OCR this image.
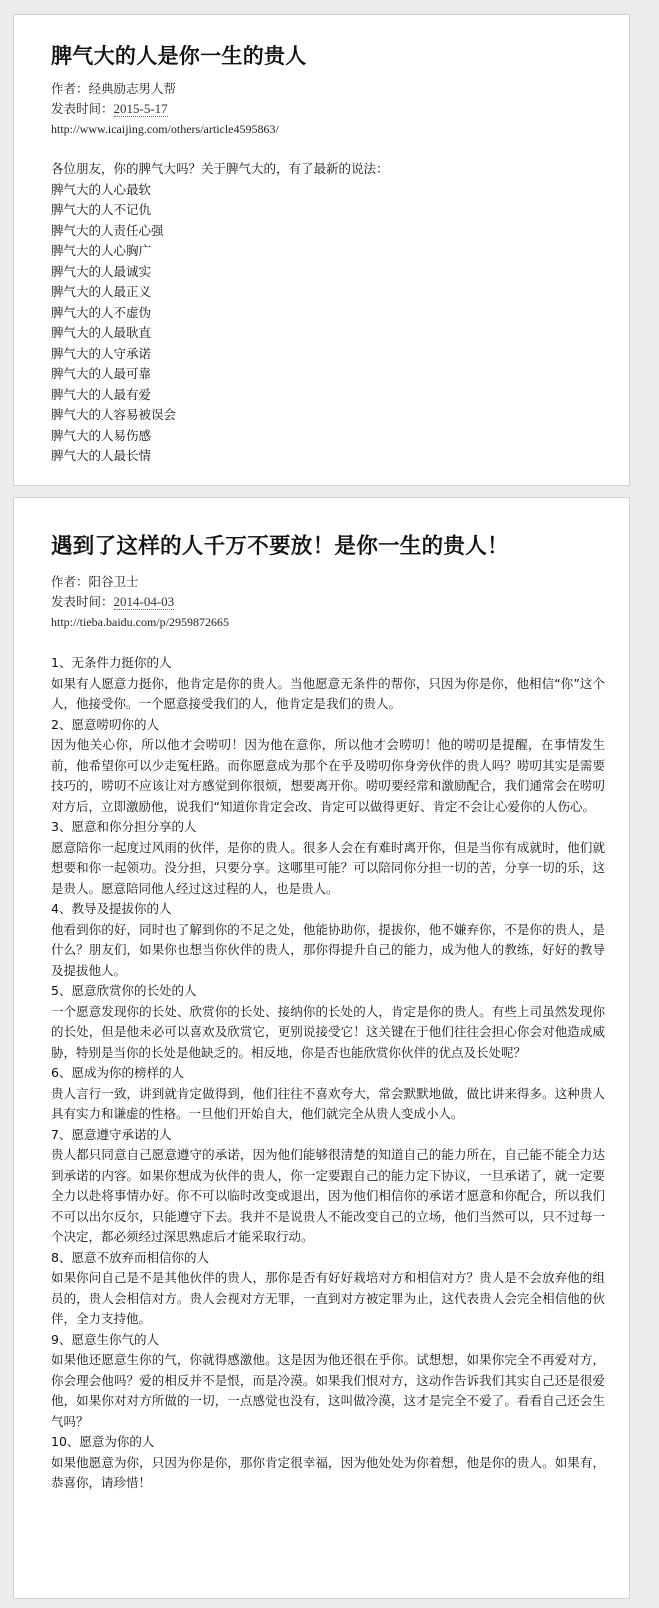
脾气大的人是你一生的贵人
作者：经典励志男人帮
发表时间：2015-5-17
http://www.icaijing.com/others/article4595863/
各位朋友，你的脾气大吗？关于脾气大的，有了最新的说法：
脾气大的人心最软
脾气大的人不记仇
脾气大的人责任心强
脾气大的人心胸广
脾气大的人最诚实
脾气大的人最正义
脾气大的人不虚伪
脾气大的人最耿直
脾气大的人守承诺
脾气大的人最可靠
脾气大的人最有爱
脾气大的人容易被误会
脾气大的人易伤感
脾气大的人最长情
遇到了这样的人千万不要放！是你一生的贵人！
作者：阳谷卫士
发表时间：2014-04-03
http://tieba.baidu.com/p/2959872665
1、无条件力挺你的人
如果有人愿意力挺你，他肯定是你的贵人。当他愿意无条件的帮你，只因为你是你，他相信“你”这个人，他接受你。一个愿意接受我们的人，他肯定是我们的贵人。
2、愿意唠叨你的人
因为他关心你，所以他才会唠叨！因为他在意你，所以他才会唠叨！他的唠叨是提醒，在事情发生前，他希望你可以少走冤枉路。而你愿意成为那个在乎及唠叨你身旁伙伴的贵人吗？唠叨其实是需要技巧的，唠叨不应该让对方感觉到你很烦，想要离开你。唠叨要经常和激励配合，我们通常会在唠叨对方后，立即激励他，说我们“知道你肯定会改、肯定可以做得更好、肯定不会让心爱你的人伤心。
3、愿意和你分担分享的人
愿意陪你一起度过风雨的伙伴，是你的贵人。很多人会在有难时离开你，但是当你有成就时，他们就想要和你一起领功。没分担，只要分享。这哪里可能？可以陪同你分担一切的苦，分享一切的乐，这是贵人。愿意陪同他人经过这过程的人，也是贵人。
4、教导及提拔你的人
他看到你的好，同时也了解到你的不足之处，他能协助你，提拔你，他不嫌弃你，不是你的贵人，是什么？朋友们，如果你也想当你伙伴的贵人，那你得提升自己的能力，成为他人的教练，好好的教导及提拔他人。
5、愿意欣赏你的长处的人
一个愿意发现你的长处、欣赏你的长处、接纳你的长处的人，肯定是你的贵人。有些上司虽然发现你的长处，但是他未必可以喜欢及欣赏它，更别说接受它！这关键在于他们往往会担心你会对他造成威胁，特别是当你的长处是他缺乏的。相反地，你是否也能欣赏你伙伴的优点及长处呢？
6、愿成为你的榜样的人
贵人言行一致，讲到就肯定做得到，他们往往不喜欢夸大，常会默默地做，做比讲来得多。这种贵人具有实力和谦虚的性格。一旦他们开始自大，他们就完全从贵人变成小人。
7、愿意遵守承诺的人
贵人都只同意自己愿意遵守的承诺，因为他们能够很清楚的知道自己的能力所在，自己能不能全力达到承诺的内容。如果你想成为伙伴的贵人，你一定要跟自己的能力定下协议，一旦承诺了，就一定要全力以赴将事情办好。你不可以临时改变或退出，因为他们相信你的承诺才愿意和你配合，所以我们不可以出尔反尔，只能遵守下去。我并不是说贵人不能改变自己的立场，他们当然可以，只不过每一个决定，都必须经过深思熟虑后才能采取行动。
8、愿意不放弃而相信你的人
如果你问自己是不是其他伙伴的贵人，那你是否有好好栽培对方和相信对方？贵人是不会放弃他的组员的，贵人会相信对方。贵人会视对方无罪，一直到对方被定罪为止，这代表贵人会完全相信他的伙伴，全力支持他。
9、愿意生你气的人
如果他还愿意生你的气，你就得感激他。这是因为他还很在乎你。试想想，如果你完全不再爱对方，你会理会他吗？爱的相反并不是恨，而是冷漠。如果我们恨对方，这动作告诉我们其实自己还是很爱他，如果你对对方所做的一切，一点感觉也没有，这叫做冷漠，这才是完全不爱了。看看自己还会生气吗？
10、愿意为你的人
如果他愿意为你，只因为你是你，那你肯定很幸福，因为他处处为你着想，他是你的贵人。如果有，恭喜你，请珍惜！
